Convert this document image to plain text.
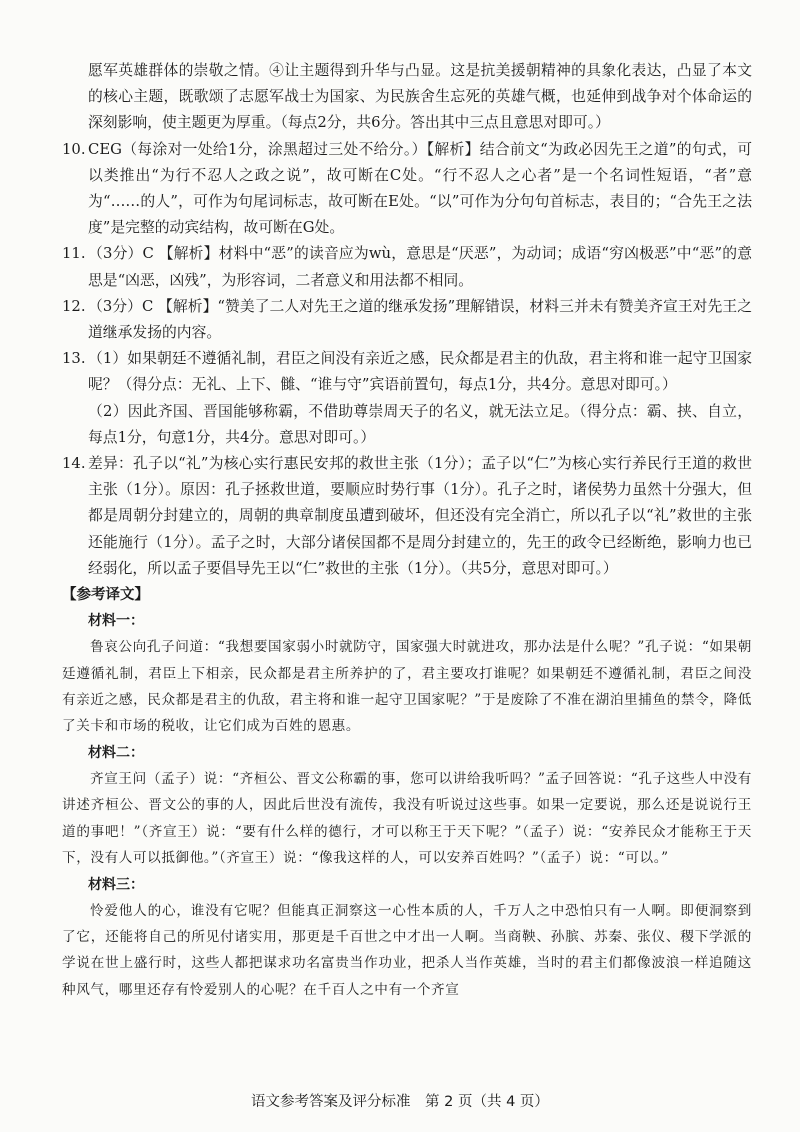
愿军英雄群体的崇敬之情。④让主题得到升华与凸显。这是抗美援朝精神的具象化表达，凸显了本文的核心主题，既歌颂了志愿军战士为国家、为民族舍生忘死的英雄气概，也延伸到战争对个体命运的深刻影响，使主题更为厚重。（每点2分，共6分。答出其中三点且意思对即可。）

10. CEG（每涂对一处给1分，涂黑超过三处不给分。）【解析】结合前文“为政必因先王之道”的句式，可以类推出“为行不忍人之政之说”，故可断在C处。“行不忍人之心者”是一个名词性短语，“者”意为“……的人”，可作为句尾词标志，故可断在E处。“以”可作为分句句首标志，表目的；“合先王之法度”是完整的动宾结构，故可断在G处。

11. （3分）C 【解析】材料中“恶”的读音应为wù，意思是“厌恶”，为动词；成语“穷凶极恶”中“恶”的意思是“凶恶，凶残”，为形容词，二者意义和用法都不相同。

12. （3分）C 【解析】“赞美了二人对先王之道的继承发扬”理解错误，材料三并未有赞美齐宣王对先王之道继承发扬的内容。

13. （1）如果朝廷不遵循礼制，君臣之间没有亲近之感，民众都是君主的仇敌，君主将和谁一起守卫国家呢？（得分点：无礼、上下、雠、“谁与守”宾语前置句，每点1分，共4分。意思对即可。）

（2）因此齐国、晋国能够称霸，不借助尊崇周天子的名义，就无法立足。（得分点：霸、挟、自立，每点1分，句意1分，共4分。意思对即可。）

14. 差异：孔子以“礼”为核心实行惠民安邦的救世主张（1分）；孟子以“仁”为核心实行养民行王道的救世主张（1分）。原因：孔子拯救世道，要顺应时势行事（1分）。孔子之时，诸侯势力虽然十分强大，但都是周朝分封建立的，周朝的典章制度虽遭到破坏，但还没有完全消亡，所以孔子以“礼”救世的主张还能施行（1分）。孟子之时，大部分诸侯国都不是周分封建立的，先王的政令已经断绝，影响力也已经弱化，所以孟子要倡导先王以“仁”救世的主张（1分）。（共5分，意思对即可。）

【参考译文】

材料一：

鲁哀公向孔子问道：“我想要国家弱小时就防守，国家强大时就进攻，那办法是什么呢？”孔子说：“如果朝廷遵循礼制，君臣上下相亲，民众都是君主所养护的了，君主要攻打谁呢？如果朝廷不遵循礼制，君臣之间没有亲近之感，民众都是君主的仇敌，君主将和谁一起守卫国家呢？”于是废除了不准在湖泊里捕鱼的禁令，降低了关卡和市场的税收，让它们成为百姓的恩惠。

材料二：

齐宣王问（孟子）说：“齐桓公、晋文公称霸的事，您可以讲给我听吗？”孟子回答说：“孔子这些人中没有讲述齐桓公、晋文公的事的人，因此后世没有流传，我没有听说过这些事。如果一定要说，那么还是说说行王道的事吧！”（齐宣王）说：“要有什么样的德行，才可以称王于天下呢？”（孟子）说：“安养民众才能称王于天下，没有人可以抵御他。”（齐宣王）说：“像我这样的人，可以安养百姓吗？”（孟子）说：“可以。”

材料三：

怜爱他人的心，谁没有它呢？但能真正洞察这一心性本质的人，千万人之中恐怕只有一人啊。即便洞察到了它，还能将自己的所见付诸实用，那更是千百世之中才出一人啊。当商鞅、孙膑、苏秦、张仪、稷下学派的学说在世上盛行时，这些人都把谋求功名富贵当作功业，把杀人当作英雄，当时的君主们都像波浪一样追随这种风气，哪里还存有怜爱别人的心呢？在千百人之中有一个齐宣

语文参考答案及评分标准　第 2 页（共 4 页）
